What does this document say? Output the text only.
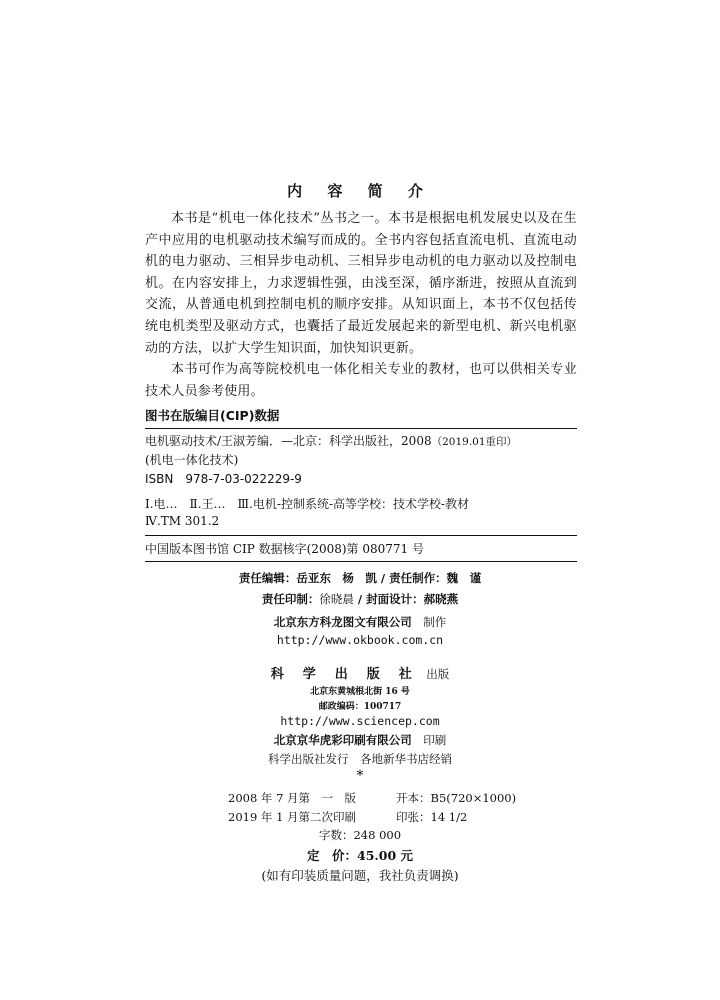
内 容 简 介

本书是“机电一体化技术”丛书之一。本书是根据电机发展史以及在生产中应用的电机驱动技术编写而成的。全书内容包括直流电机、直流电动机的电力驱动、三相异步电动机、三相异步电动机的电力驱动以及控制电机。在内容安排上，力求逻辑性强，由浅至深，循序渐进，按照从直流到交流，从普通电机到控制电机的顺序安排。从知识面上，本书不仅包括传统电机类型及驱动方式，也囊括了最近发展起来的新型电机、新兴电机驱动的方法，以扩大学生知识面，加快知识更新。

本书可作为高等院校机电一体化相关专业的教材，也可以供相关专业技术人员参考使用。

图书在版编目(CIP)数据
电机驱动技术/王淑芳编．—北京：科学出版社，2008（2019.01重印）
(机电一体化技术)
ISBN　978-7-03-022229-9
Ⅰ.电…　Ⅱ.王…　Ⅲ.电机-控制系统-高等学校：技术学校-教材
Ⅳ.TM 301.2
中国版本图书馆 CIP 数据核字(2008)第 080771 号
责任编辑：岳亚东　杨　凯 / 责任制作：魏　谨
责任印制：徐晓晨 / 封面设计：郝晓燕
北京东方科龙图文有限公司　 制作
http://www.okbook.com.cn
科　学　出　版　社　 出版
北京东黄城根北街 16 号
邮政编码：100717
http://www.sciencep.com
北京京华虎彩印刷有限公司　 印刷
科学出版社发行　各地新华书店经销
*
2008 年 7 月第　一　版	开本：B5(720×1000)
2019 年 1 月第二次印刷	印张：14 1/2
字数：248 000
定　价：45.00 元
(如有印装质量问题，我社负责调换)
